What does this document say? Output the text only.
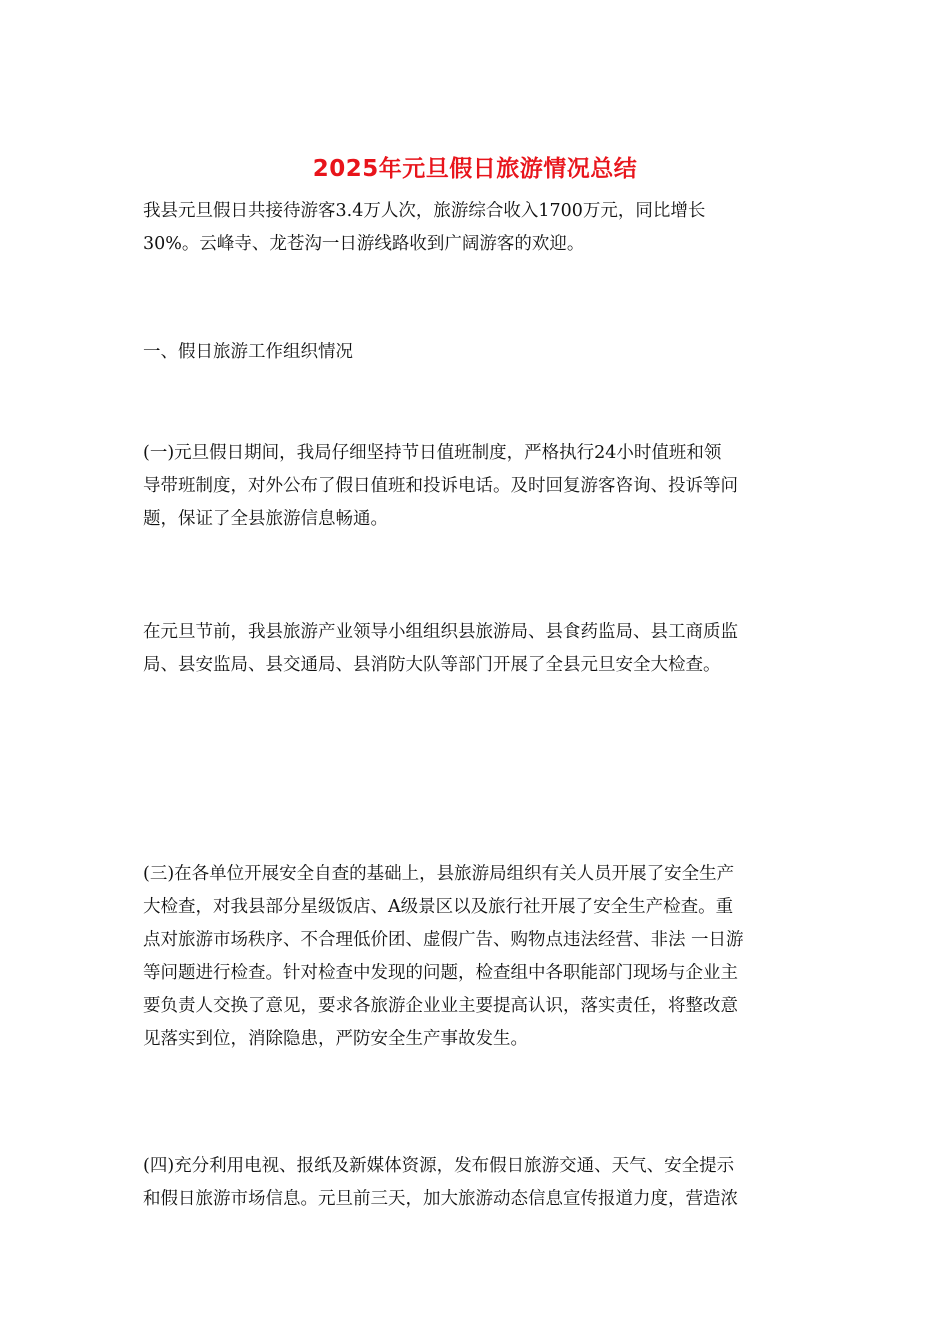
2025年元旦假日旅游情况总结

我县元旦假日共接待游客3.4万人次，旅游综合收入1700万元，同比增长
30%。云峰寺、龙苍沟一日游线路收到广阔游客的欢迎。

一、假日旅游工作组织情况

(一)元旦假日期间，我局仔细坚持节日值班制度，严格执行24小时值班和领
导带班制度，对外公布了假日值班和投诉电话。及时回复游客咨询、投诉等问
题，保证了全县旅游信息畅通。

在元旦节前，我县旅游产业领导小组组织县旅游局、县食药监局、县工商质监
局、县安监局、县交通局、县消防大队等部门开展了全县元旦安全大检查。

(三)在各单位开展安全自查的基础上，县旅游局组织有关人员开展了安全生产
大检查，对我县部分星级饭店、A级景区以及旅行社开展了安全生产检查。重
点对旅游市场秩序、不合理低价团、虚假广告、购物点违法经营、非法 一日游
等问题进行检查。针对检查中发现的问题，检查组中各职能部门现场与企业主
要负责人交换了意见，要求各旅游企业业主要提高认识，落实责任，将整改意
见落实到位，消除隐患，严防安全生产事故发生。

(四)充分利用电视、报纸及新媒体资源，发布假日旅游交通、天气、安全提示
和假日旅游市场信息。元旦前三天，加大旅游动态信息宣传报道力度，营造浓
